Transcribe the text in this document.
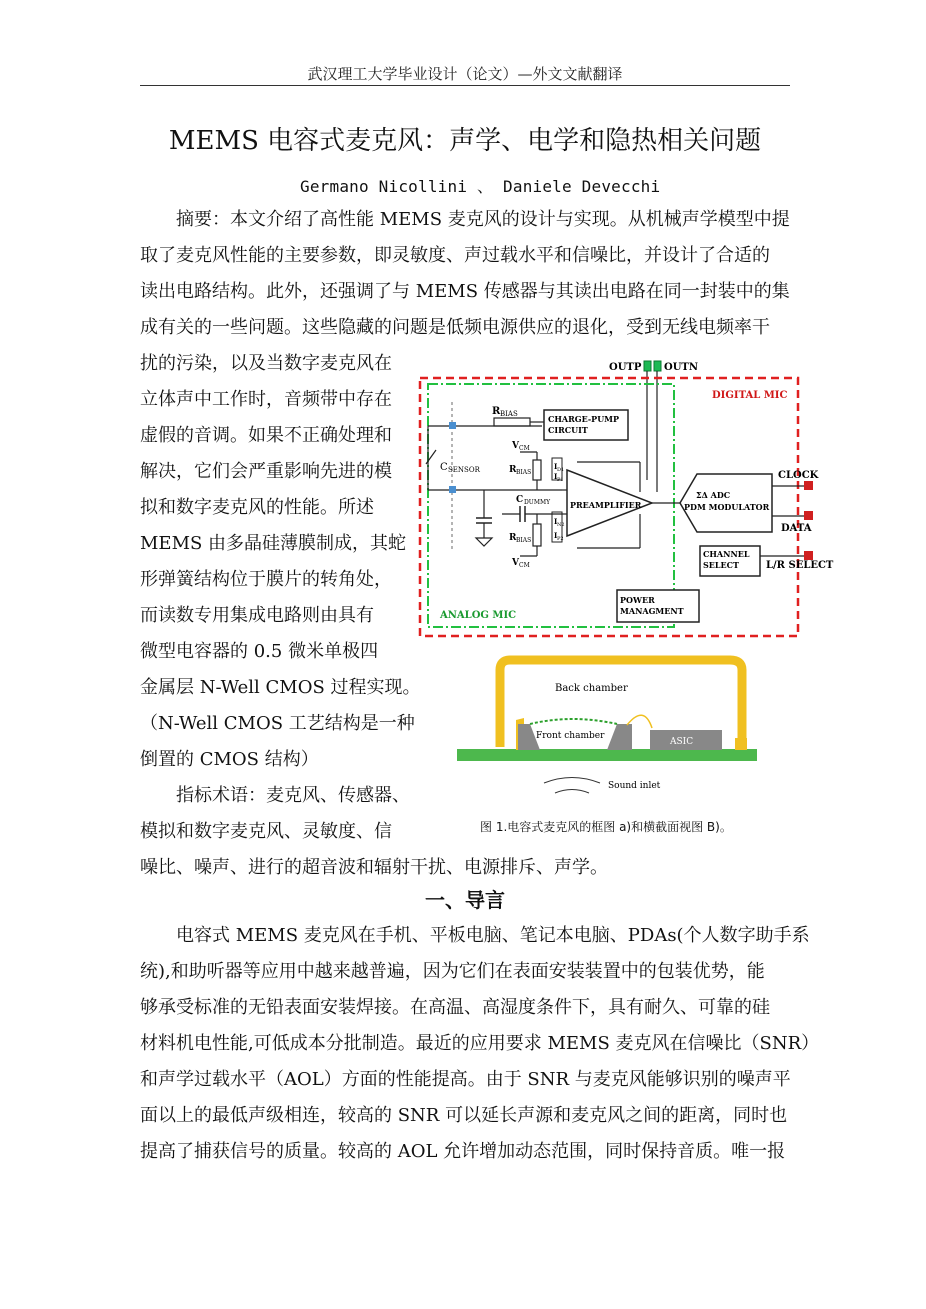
武汉理工大学毕业设计（论文）—外文文献翻译
MEMS 电容式麦克风：声学、电学和隐热相关问题
Germano Nicollini 、 Daniele Devecchi
　　摘要：本文介绍了高性能 MEMS 麦克风的设计与实现。从机械声学模型中提
取了麦克风性能的主要参数，即灵敏度、声过载水平和信噪比，并设计了合适的
读出电路结构。此外，还强调了与 MEMS 传感器与其读出电路在同一封装中的集
成有关的一些问题。这些隐藏的问题是低频电源供应的退化，受到无线电频率干
扰的污染，以及当数字麦克风在
立体声中工作时，音频带中存在
虚假的音调。如果不正确处理和
解决，它们会严重影响先进的模
拟和数字麦克风的性能。所述
MEMS 由多晶硅薄膜制成，其蛇
形弹簧结构位于膜片的转角处，
而读数专用集成电路则由具有
微型电容器的 0.5 微米单极四
金属层 N-Well CMOS 过程实现。
（N-Well CMOS 工艺结构是一种
倒置的 CMOS 结构）
　　指标术语：麦克风、传感器、
模拟和数字麦克风、灵敏度、信
噪比、噪声、进行的超音波和辐射干扰、电源排斥、声学。
OUTP OUTN
DIGITAL MIC
ANALOG MIC
C SENSOR
R BIAS	CHARGE-PUMP
CIRCUIT
V CM
R BIAS
I D1
I P1
I N2
I P2
C DUMMY
R BIAS
V CM
PREAMPLIFIER
ΣΔ ADC
PDM MODULATOR
CLOCK
DATA
CHANNEL
SELECT	L/R SELECT
POWER
MANAGMENT
Back chamber
Front chamber
ASIC
Sound inlet
图 1.电容式麦克风的框图 a)和横截面视图 B)。
一、导言
　　电容式 MEMS 麦克风在手机、平板电脑、笔记本电脑、PDAs(个人数字助手系
统),和助听器等应用中越来越普遍，因为它们在表面安装装置中的包装优势，能
够承受标准的无铅表面安装焊接。在高温、高湿度条件下，具有耐久、可靠的硅
材料机电性能,可低成本分批制造。最近的应用要求 MEMS 麦克风在信噪比（SNR）
和声学过载水平（AOL）方面的性能提高。由于 SNR 与麦克风能够识别的噪声平
面以上的最低声级相连，较高的 SNR 可以延长声源和麦克风之间的距离，同时也
提高了捕获信号的质量。较高的 AOL 允许增加动态范围，同时保持音质。唯一报
